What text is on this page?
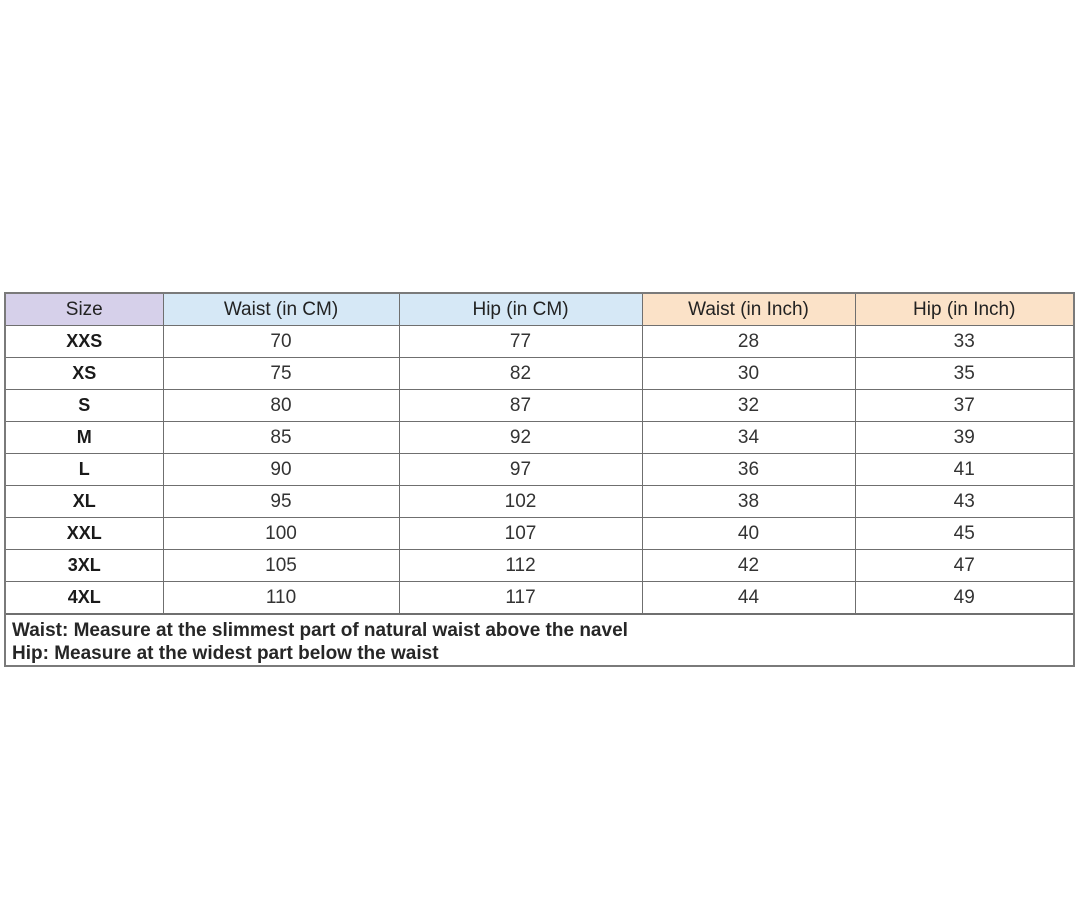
Size	Waist (in CM)	Hip (in CM)	Waist (in Inch)	Hip (in Inch)
XXS	70	77	28	33
XS	75	82	30	35
S	80	87	32	37
M	85	92	34	39
L	90	97	36	41
XL	95	102	38	43
XXL	100	107	40	45
3XL	105	112	42	47
4XL	110	117	44	49
Waist: Measure at the slimmest part of natural waist above the navel
Hip: Measure at the widest part below the waist
